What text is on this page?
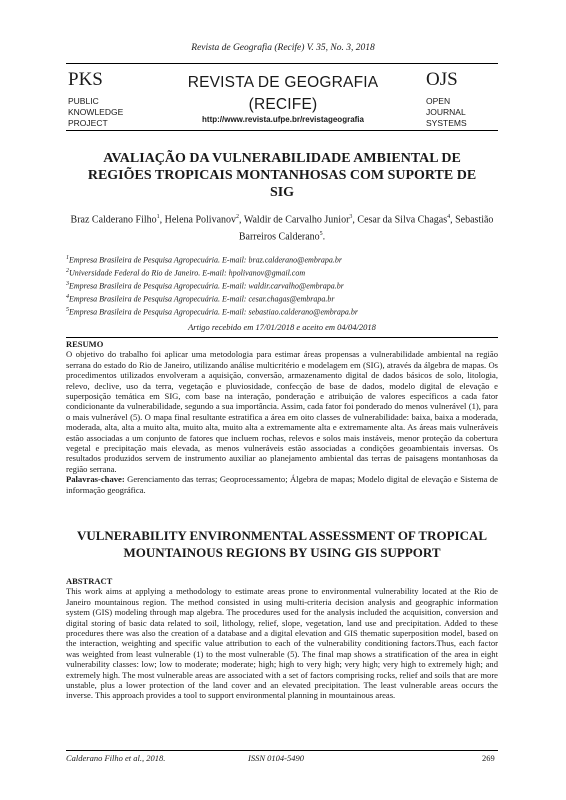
Revista de Geografia (Recife) V. 35, No. 3, 2018
PKS
PUBLIC
KNOWLEDGE
PROJECT
REVISTA DE GEOGRAFIA
(RECIFE)
http://www.revista.ufpe.br/revistageografia
OJS
OPEN
JOURNAL
SYSTEMS
AVALIAÇÃO DA VULNERABILIDADE AMBIENTAL DE
REGIÕES TROPICAIS MONTANHOSAS COM SUPORTE DE
SIG
Braz Calderano Filho$^1$, Helena Polivanov$^2$, Waldir de Carvalho Junior$^3$, Cesar da Silva Chagas$^4$, Sebastião Barreiros Calderano$^5$.
$^1$Empresa Brasileira de Pesquisa Agropecuária. E-mail: braz.calderano@embrapa.br
$^2$Universidade Federal do Rio de Janeiro. E-mail: hpolivanov@gmail.com
$^3$Empresa Brasileira de Pesquisa Agropecuária. E-mail: waldir.carvalho@embrapa.br
$^4$Empresa Brasileira de Pesquisa Agropecuária. E-mail: cesar.chagas@embrapa.br
$^5$Empresa Brasileira de Pesquisa Agropecuária. E-mail: sebastiao.calderano@embrapa.br
Artigo recebido em 17/01/2018 e aceito em 04/04/2018
RESUMO

O objetivo do trabalho foi aplicar uma metodologia para estimar áreas propensas a vulnerabilidade ambiental na região serrana do estado do Rio de Janeiro, utilizando análise multicritério e modelagem em (SIG), através da álgebra de mapas. Os procedimentos utilizados envolveram a aquisição, conversão, armazenamento digital de dados básicos de solo, litologia, relevo, declive, uso da terra, vegetação e pluviosidade, confecção de base de dados, modelo digital de elevação e superposição temática em SIG, com base na interação, ponderação e atribuição de valores específicos a cada fator condicionante da vulnerabilidade, segundo a sua importância. Assim, cada fator foi ponderado do menos vulnerável (1), para o mais vulnerável (5). O mapa final resultante estratifica a área em oito classes de vulnerabilidade: baixa, baixa a moderada, moderada, alta, alta a muito alta, muito alta, muito alta a extremamente alta e extremamente alta. As áreas mais vulneráveis estão associadas a um conjunto de fatores que incluem rochas, relevos e solos mais instáveis, menor proteção da cobertura vegetal e precipitação mais elevada, as menos vulneráveis estão associadas a condições geoambientais inversas. Os resultados produzidos servem de instrumento auxiliar ao planejamento ambiental das terras de paisagens montanhosas da região serrana.

Palavras-chave: Gerenciamento das terras; Geoprocessamento; Álgebra de mapas; Modelo digital de elevação e Sistema de informação geográfica.

VULNERABILITY ENVIRONMENTAL ASSESSMENT OF TROPICAL
MOUNTAINOUS REGIONS BY USING GIS SUPPORT
ABSTRACT

This work aims at applying a methodology to estimate areas prone to environmental vulnerability located at the Rio de Janeiro mountainous region. The method consisted in using multi-criteria decision analysis and geographic information system (GIS) modeling through map algebra. The procedures used for the analysis included the acquisition, conversion and digital storing of basic data related to soil, lithology, relief, slope, vegetation, land use and precipitation. Added to these procedures there was also the creation of a database and a digital elevation and GIS thematic superposition model, based on the interaction, weighting and specific value attribution to each of the vulnerability conditioning factors.Thus, each factor was weighted from least vulnerable (1) to the most vulnerable (5). The final map shows a stratification of the area in eight vulnerability classes: low; low to moderate; moderate; high; high to very high; very high; very high to extremely high; and extremely high. The most vulnerable areas are associated with a set of factors comprising rocks, relief and soils that are more unstable, plus a lower protection of the land cover and an elevated precipitation. The least vulnerable areas occurs the inverse. This approach provides a tool to support environmental planning in mountainous areas.

Calderano Filho et al., 2018.	ISSN 0104-5490	269
